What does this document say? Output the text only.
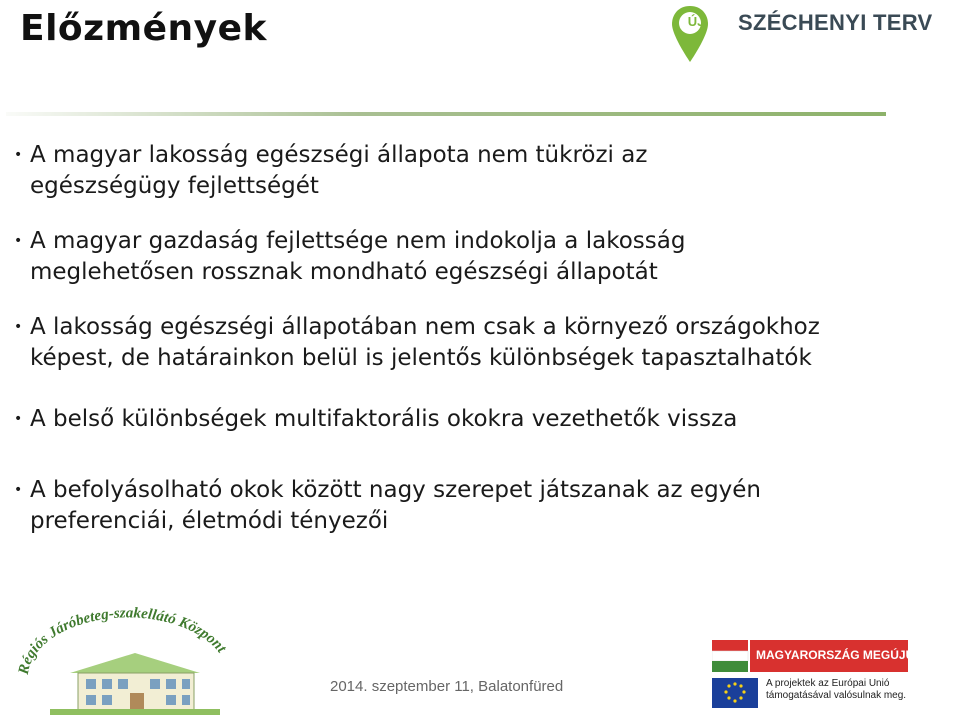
Előzmények	ÚJ SZÉCHENYI TERV
• A magyar lakosság egészségi állapota nem tükrözi az egészségügy fejlettségét
• A magyar gazdaság fejlettsége nem indokolja a lakosság meglehetősen rossznak mondható egészségi állapotát
• A lakosság egészségi állapotában nem csak a környező országokhoz képest, de határainkon belül is jelentős különbségek tapasztalhatók
• A belső különbségek multifaktorális okokra vezethetők vissza
• A befolyásolható okok között nagy szerepet játszanak az egyén preferenciái, életmódi tényezői
Régiós Járóbeteg-szakellátó Központ
2014. szeptember 11, Balatonfüred
MAGYARORSZÁG MEGÚJUL
A projektek az Európai Unió támogatásával valósulnak meg.
